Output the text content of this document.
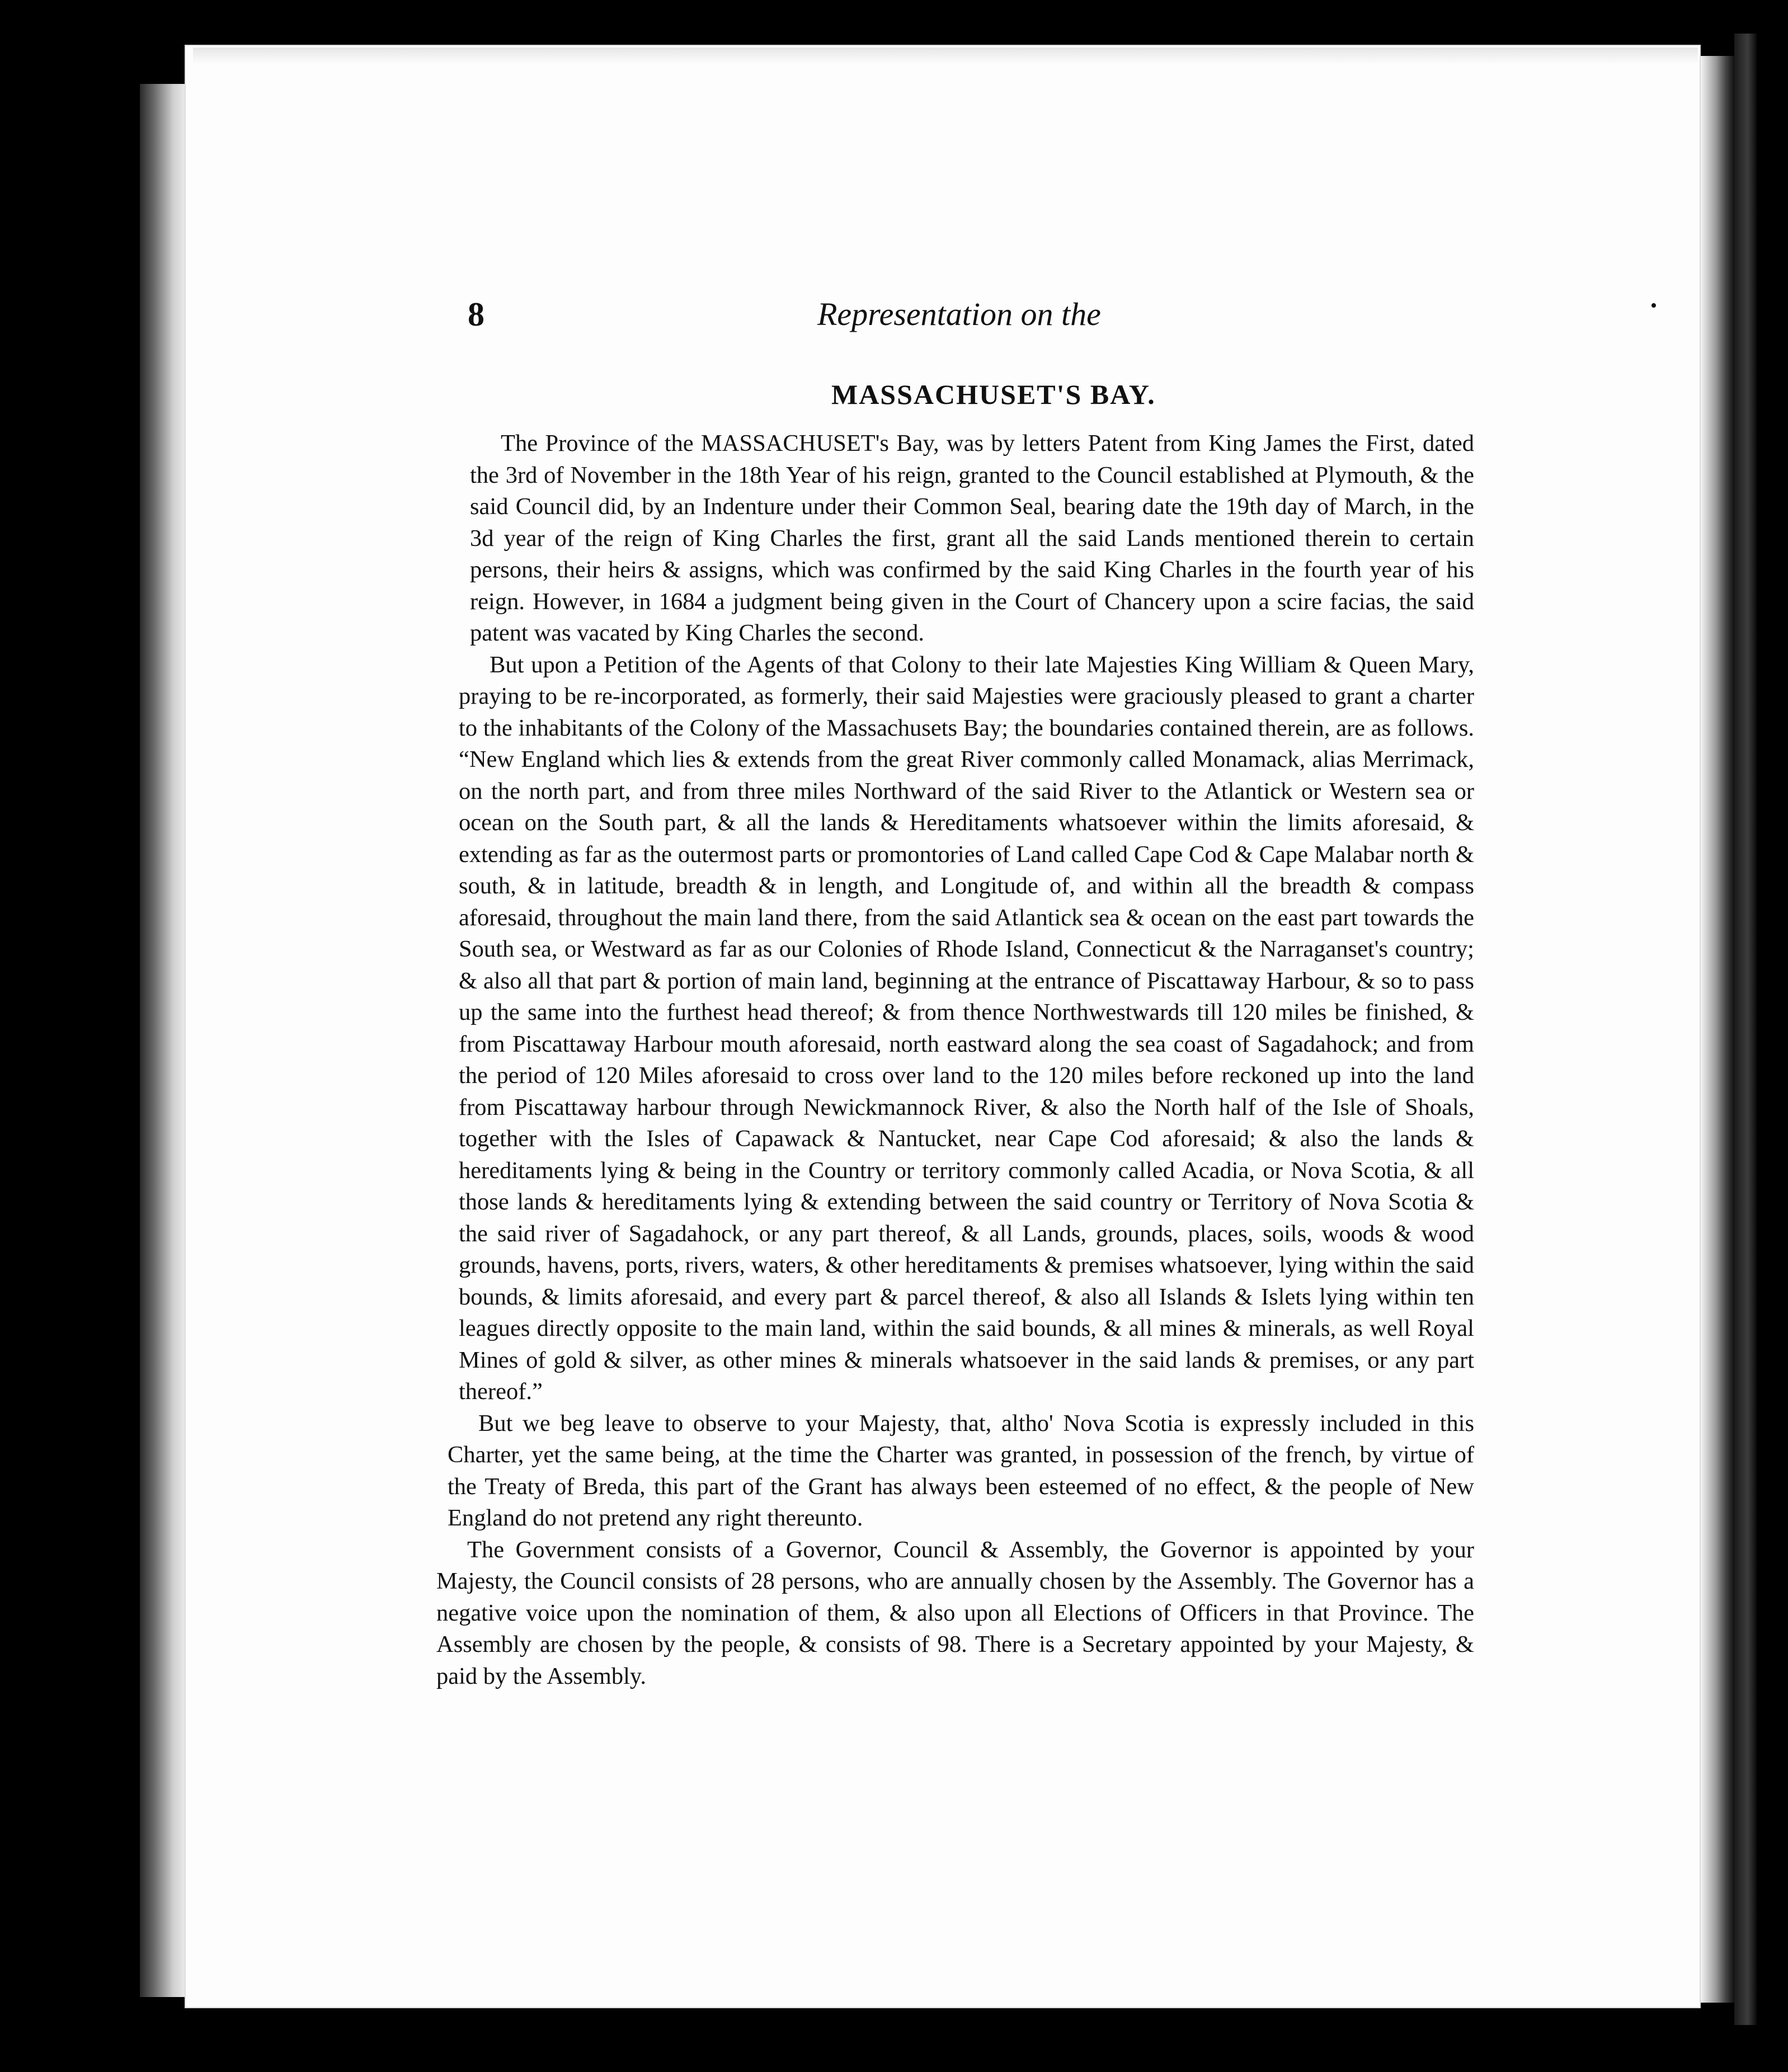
8	Representation on the	•
MASSACHUSET'S BAY.

The Province of the MASSACHUSET's Bay, was by letters Patent from King James the First, dated the 3rd of November in the 18th Year of his reign, granted to the Council established at Plymouth, & the said Council did, by an Indenture under their Common Seal, bearing date the 19th day of March, in the 3d year of the reign of King Charles the first, grant all the said Lands mentioned therein to certain persons, their heirs & assigns, which was confirmed by the said King Charles in the fourth year of his reign. However, in 1684 a judgment being given in the Court of Chancery upon a scire facias, the said patent was vacated by King Charles the second.

But upon a Petition of the Agents of that Colony to their late Majesties King William & Queen Mary, praying to be re-incorporated, as formerly, their said Majesties were graciously pleased to grant a charter to the inhabitants of the Colony of the Massachusets Bay; the boundaries contained therein, are as follows. “New England which lies & extends from the great River commonly called Monamack, alias Merrimack, on the north part, and from three miles Northward of the said River to the Atlantick or Western sea or ocean on the South part, & all the lands & Hereditaments whatsoever within the limits aforesaid, & extending as far as the outermost parts or promontories of Land called Cape Cod & Cape Malabar north & south, & in latitude, breadth & in length, and Longitude of, and within all the breadth & compass aforesaid, throughout the main land there, from the said Atlantick sea & ocean on the east part towards the South sea, or Westward as far as our Colonies of Rhode Island, Connecticut & the Narraganset's country; & also all that part & portion of main land, beginning at the entrance of Piscattaway Harbour, & so to pass up the same into the furthest head thereof; & from thence Northwestwards till 120 miles be finished, & from Piscattaway Harbour mouth aforesaid, north eastward along the sea coast of Sagadahock; and from the period of 120 Miles aforesaid to cross over land to the 120 miles before reckoned up into the land from Piscattaway harbour through Newickmannock River, & also the North half of the Isle of Shoals, together with the Isles of Capawack & Nantucket, near Cape Cod aforesaid; & also the lands & hereditaments lying & being in the Country or territory commonly called Acadia, or Nova Scotia, & all those lands & hereditaments lying & extending between the said country or Territory of Nova Scotia & the said river of Sagadahock, or any part thereof, & all Lands, grounds, places, soils, woods & wood grounds, havens, ports, rivers, waters, & other hereditaments & premises whatsoever, lying within the said bounds, & limits aforesaid, and every part & parcel thereof, & also all Islands & Islets lying within ten leagues directly opposite to the main land, within the said bounds, & all mines & minerals, as well Royal Mines of gold & silver, as other mines & minerals whatsoever in the said lands & premises, or any part thereof.”

But we beg leave to observe to your Majesty, that, altho' Nova Scotia is expressly included in this Charter, yet the same being, at the time the Charter was granted, in possession of the french, by virtue of the Treaty of Breda, this part of the Grant has always been esteemed of no effect, & the people of New England do not pretend any right thereunto.

The Government consists of a Governor, Council & Assembly, the Governor is appointed by your Majesty, the Council consists of 28 persons, who are annually chosen by the Assembly. The Governor has a negative voice upon the nomination of them, & also upon all Elections of Officers in that Province. The Assembly are chosen by the people, & consists of 98. There is a Secretary appointed by your Majesty, & paid by the Assembly.
